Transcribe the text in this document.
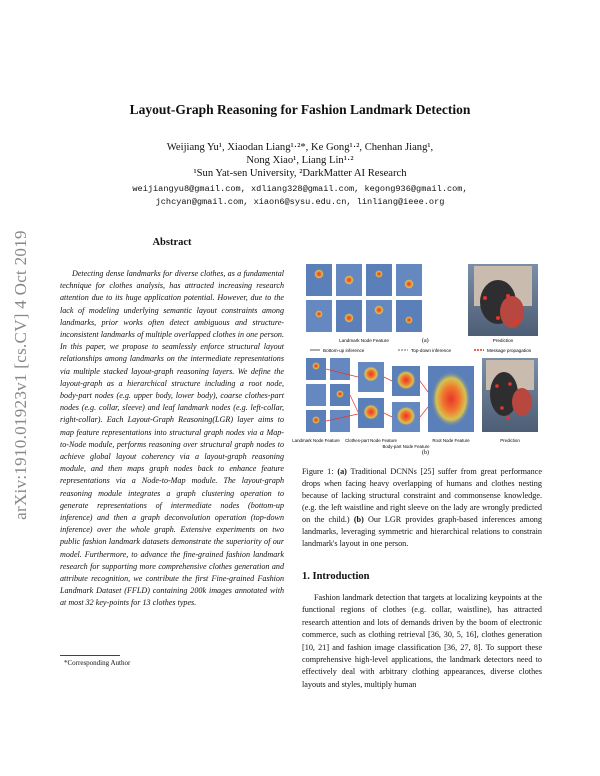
arXiv:1910.01923v1 [cs.CV] 4 Oct 2019
Layout-Graph Reasoning for Fashion Landmark Detection
Weijiang Yu¹, Xiaodan Liang¹·²*, Ke Gong¹·², Chenhan Jiang¹,
Nong Xiao¹, Liang Lin¹·²
¹Sun Yat-sen University, ²DarkMatter AI Research
weijiangyu8@gmail.com, xdliang328@gmail.com, kegong936@gmail.com,
jchcyan@gmail.com, xiaon6@sysu.edu.cn, linliang@ieee.org
Abstract
Detecting dense landmarks for diverse clothes, as a fundamental technique for clothes analysis, has attracted increasing research attention due to its huge application potential. However, due to the lack of modeling underlying semantic layout constraints among landmarks, prior works often detect ambiguous and structure-inconsistent landmarks of multiple overlapped clothes in one person. In this paper, we propose to seamlessly enforce structural layout relationships among landmarks on the intermediate representations via multiple stacked layout-graph reasoning layers. We define the layout-graph as a hierarchical structure including a root node, body-part nodes (e.g. upper body, lower body), coarse clothes-part nodes (e.g. collar, sleeve) and leaf landmark nodes (e.g. left-collar, right-collar). Each Layout-Graph Reasoning(LGR) layer aims to map feature representations into structural graph nodes via a Map-to-Node module, performs reasoning over structural graph nodes to achieve global layout coherency via a layout-graph reasoning module, and then maps graph nodes back to enhance feature representations via a Node-to-Map module. The layout-graph reasoning module integrates a graph clustering operation to generate representations of intermediate nodes (bottom-up inference) and then a graph deconvolution operation (top-down inference) over the whole graph. Extensive experiments on two public fashion landmark datasets demonstrate the superiority of our model. Furthermore, to advance the fine-grained fashion landmark research for supporting more comprehensive clothes generation and attribute recognition, we contribute the first Fine-grained Fashion Landmark Dataset (FFLD) containing 200k images annotated with at most 32 key-points for 13 clothes types.
*Corresponding Author
Landmark Node Feature	(a)	Prediction
Bottom-up inference	Top-down inference	Message propagation
Landmark Node Feature Clothes-part Node Feature
Body-part Node Feature
Root Node Feature	Prediction
(b)
Figure 1: (a) Traditional DCNNs [25] suffer from great performance drops when facing heavy overlapping of humans and clothes nesting because of lacking structural constraint and commonsense knowledge. (e.g. the left waistline and right sleeve on the lady are wrongly predicted on the child.) (b) Our LGR provides graph-based inferences among landmarks, leveraging symmetric and hierarchical relations to constrain landmark's layout in one person.
1. Introduction
Fashion landmark detection that targets at localizing keypoints at the functional regions of clothes (e.g. collar, waistline), has attracted research attention and lots of demands driven by the boom of electronic commerce, such as clothing retrieval [36, 30, 5, 16], clothes generation [10, 21] and fashion image classification [36, 27, 8]. To support these comprehensive high-level applications, the landmark detectors need to effectively deal with arbitrary clothing appearances, diverse clothes layouts and styles, multiply human
